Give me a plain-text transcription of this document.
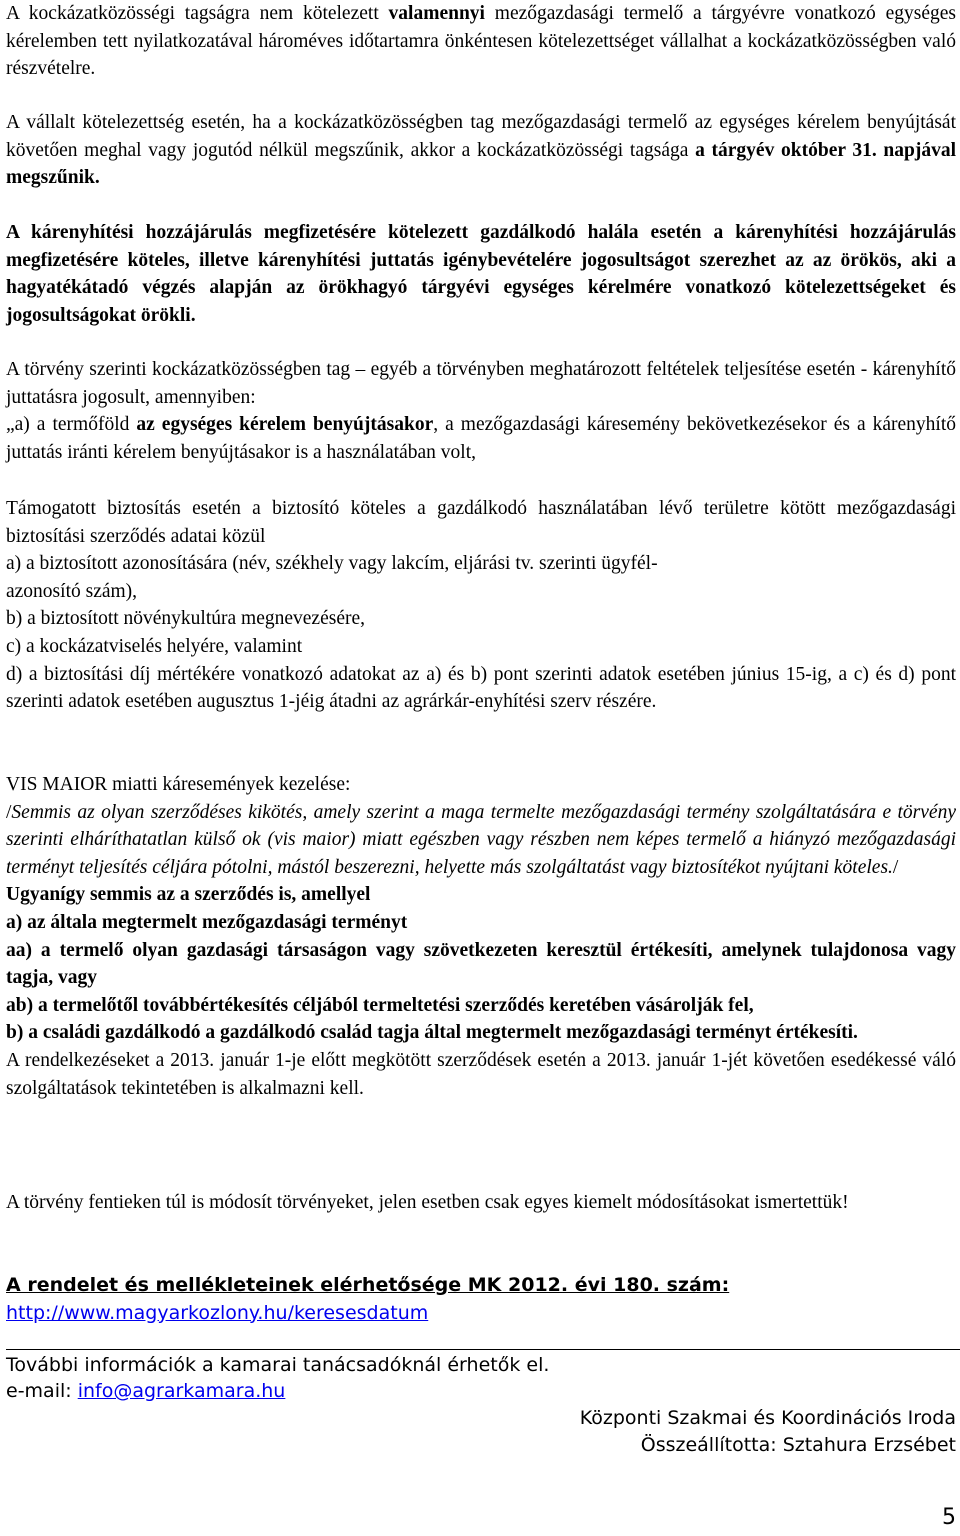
A kockázatközösségi tagságra nem kötelezett valamennyi mezőgazdasági termelő a tárgyévre vonatkozó egységes kérelemben tett nyilatkozatával hároméves időtartamra önkéntesen kötelezettséget vállalhat a kockázatközösségben való részvételre.
A vállalt kötelezettség esetén, ha a kockázatközösségben tag mezőgazdasági termelő az egységes kérelem benyújtását követően meghal vagy jogutód nélkül megszűnik, akkor a kockázatközösségi tagsága a tárgyév október 31. napjával megszűnik.
A kárenyhítési hozzájárulás megfizetésére kötelezett gazdálkodó halála esetén a kárenyhítési hozzájárulás megfizetésére köteles, illetve kárenyhítési juttatás igénybevételére jogosultságot szerezhet az az örökös, aki a hagyatékátadó végzés alapján az örökhagyó tárgyévi egységes kérelmére vonatkozó kötelezettségeket és jogosultságokat örökli.
A törvény szerinti kockázatközösségben tag – egyéb a törvényben meghatározott feltételek teljesítése esetén - kárenyhítő juttatásra jogosult, amennyiben:
„a) a termőföld az egységes kérelem benyújtásakor, a mezőgazdasági káresemény bekövetkezésekor és a kárenyhítő juttatás iránti kérelem benyújtásakor is a használatában volt,
Támogatott biztosítás esetén a biztosító köteles a gazdálkodó használatában lévő területre kötött mezőgazdasági biztosítási szerződés adatai közül
a) a biztosított azonosítására (név, székhely vagy lakcím, eljárási tv. szerinti ügyfél-azonosító szám),
b) a biztosított növénykultúra megnevezésére,
c) a kockázatviselés helyére, valamint
d) a biztosítási díj mértékére vonatkozó adatokat az a) és b) pont szerinti adatok esetében június 15-ig, a c) és d) pont szerinti adatok esetében augusztus 1-jéig átadni az agrárkár-enyhítési szerv részére.
VIS MAIOR miatti káresemények kezelése:
/Semmis az olyan szerződéses kikötés, amely szerint a maga termelte mezőgazdasági termény szolgáltatására e törvény szerinti elháríthatatlan külső ok (vis maior) miatt egészben vagy részben nem képes termelő a hiányzó mezőgazdasági terményt teljesítés céljára pótolni, mástól beszerezni, helyette más szolgáltatást vagy biztosítékot nyújtani köteles./
Ugyanígy semmis az a szerződés is, amellyel
a) az általa megtermelt mezőgazdasági terményt
aa) a termelő olyan gazdasági társaságon vagy szövetkezeten keresztül értékesíti, amelynek tulajdonosa vagy tagja, vagy
ab) a termelőtől továbbértékesítés céljából termeltetési szerződés keretében vásárolják fel,
b) a családi gazdálkodó a gazdálkodó család tagja által megtermelt mezőgazdasági terményt értékesíti.
A rendelkezéseket a 2013. január 1-je előtt megkötött szerződések esetén a 2013. január 1-jét követően esedékessé váló szolgáltatások tekintetében is alkalmazni kell.
A törvény fentieken túl is módosít törvényeket, jelen esetben csak egyes kiemelt módosításokat ismertettük!
A rendelet és mellékleteinek elérhetősége MK 2012. évi 180. szám:
http://www.magyarkozlony.hu/keresesdatum
További információk a kamarai tanácsadóknál érhetők el.
e-mail: info@agrarkamara.hu
Központi Szakmai és Koordinációs Iroda
Összeállította: Sztahura Erzsébet
5
